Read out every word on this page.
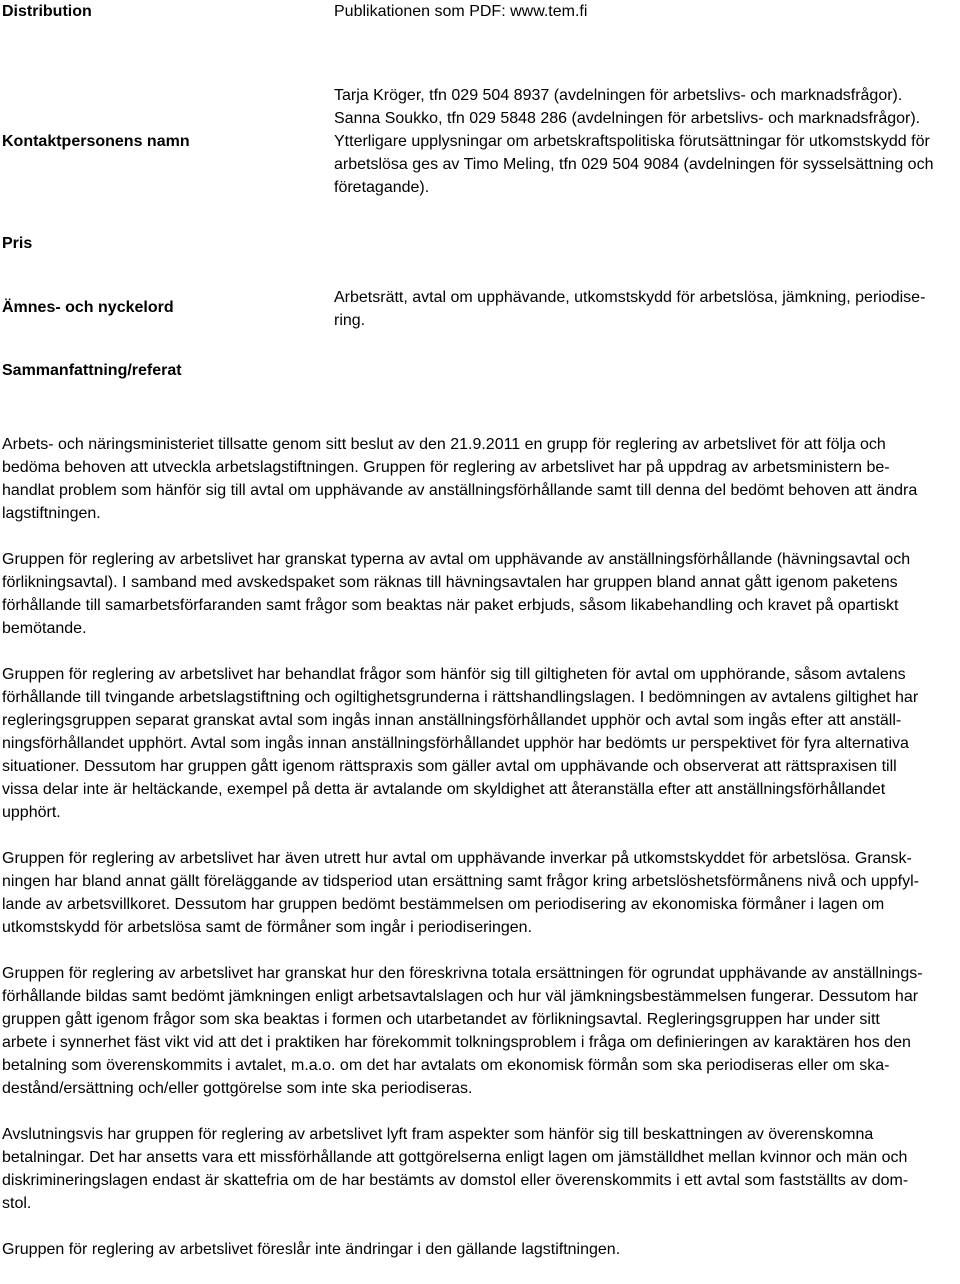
Distribution	Publikationen som PDF: www.tem.fi
Kontaktpersonens namn
Tarja Kröger, tfn 029 504 8937 (avdelningen för arbetslivs- och marknadsfrågor).
Sanna Soukko, tfn 029 5848 286 (avdelningen för arbetslivs- och marknadsfrågor).
Ytterligare upplysningar om arbetskraftspolitiska förutsättningar för utkomstskydd för
arbetslösa ges av Timo Meling, tfn 029 504 9084 (avdelningen för sysselsättning och
företagande).
Pris
Ämnes- och nyckelord
Arbetsrätt, avtal om upphävande, utkomstskydd för arbetslösa, jämkning, periodise-
ring.
Sammanfattning/referat
Arbets- och näringsministeriet tillsatte genom sitt beslut av den 21.9.2011 en grupp för reglering av arbetslivet för att följa och
bedöma behoven att utveckla arbetslagstiftningen. Gruppen för reglering av arbetslivet har på uppdrag av arbetsministern be-
handlat problem som hänför sig till avtal om upphävande av anställningsförhållande samt till denna del bedömt behoven att ändra
lagstiftningen.
Gruppen för reglering av arbetslivet har granskat typerna av avtal om upphävande av anställningsförhållande (hävningsavtal och
förlikningsavtal). I samband med avskedspaket som räknas till hävningsavtalen har gruppen bland annat gått igenom paketens
förhållande till samarbetsförfaranden samt frågor som beaktas när paket erbjuds, såsom likabehandling och kravet på opartiskt
bemötande.
Gruppen för reglering av arbetslivet har behandlat frågor som hänför sig till giltigheten för avtal om upphörande, såsom avtalens
förhållande till tvingande arbetslagstiftning och ogiltighetsgrunderna i rättshandlingslagen. I bedömningen av avtalens giltighet har
regleringsgruppen separat granskat avtal som ingås innan anställningsförhållandet upphör och avtal som ingås efter att anställ-
ningsförhållandet upphört. Avtal som ingås innan anställningsförhållandet upphör har bedömts ur perspektivet för fyra alternativa
situationer. Dessutom har gruppen gått igenom rättspraxis som gäller avtal om upphävande och observerat att rättspraxisen till
vissa delar inte är heltäckande, exempel på detta är avtalande om skyldighet att återanställa efter att anställningsförhållandet
upphört.
Gruppen för reglering av arbetslivet har även utrett hur avtal om upphävande inverkar på utkomstskyddet för arbetslösa. Gransk-
ningen har bland annat gällt föreläggande av tidsperiod utan ersättning samt frågor kring arbetslöshetsförmånens nivå och uppfyl-
lande av arbetsvillkoret. Dessutom har gruppen bedömt bestämmelsen om periodisering av ekonomiska förmåner i lagen om
utkomstskydd för arbetslösa samt de förmåner som ingår i periodiseringen.
Gruppen för reglering av arbetslivet har granskat hur den föreskrivna totala ersättningen för ogrundat upphävande av anställnings-
förhållande bildas samt bedömt jämkningen enligt arbetsavtalslagen och hur väl jämkningsbestämmelsen fungerar. Dessutom har
gruppen gått igenom frågor som ska beaktas i formen och utarbetandet av förlikningsavtal. Regleringsgruppen har under sitt
arbete i synnerhet fäst vikt vid att det i praktiken har förekommit tolkningsproblem i fråga om definieringen av karaktären hos den
betalning som överenskommits i avtalet, m.a.o. om det har avtalats om ekonomisk förmån som ska periodiseras eller om ska-
destånd/ersättning och/eller gottgörelse som inte ska periodiseras.
Avslutningsvis har gruppen för reglering av arbetslivet lyft fram aspekter som hänför sig till beskattningen av överenskomna
betalningar. Det har ansetts vara ett missförhållande att gottgörelserna enligt lagen om jämställdhet mellan kvinnor och män och
diskrimineringslagen endast är skattefria om de har bestämts av domstol eller överenskommits i ett avtal som fastställts av dom-
stol.
Gruppen för reglering av arbetslivet föreslår inte ändringar i den gällande lagstiftningen.
